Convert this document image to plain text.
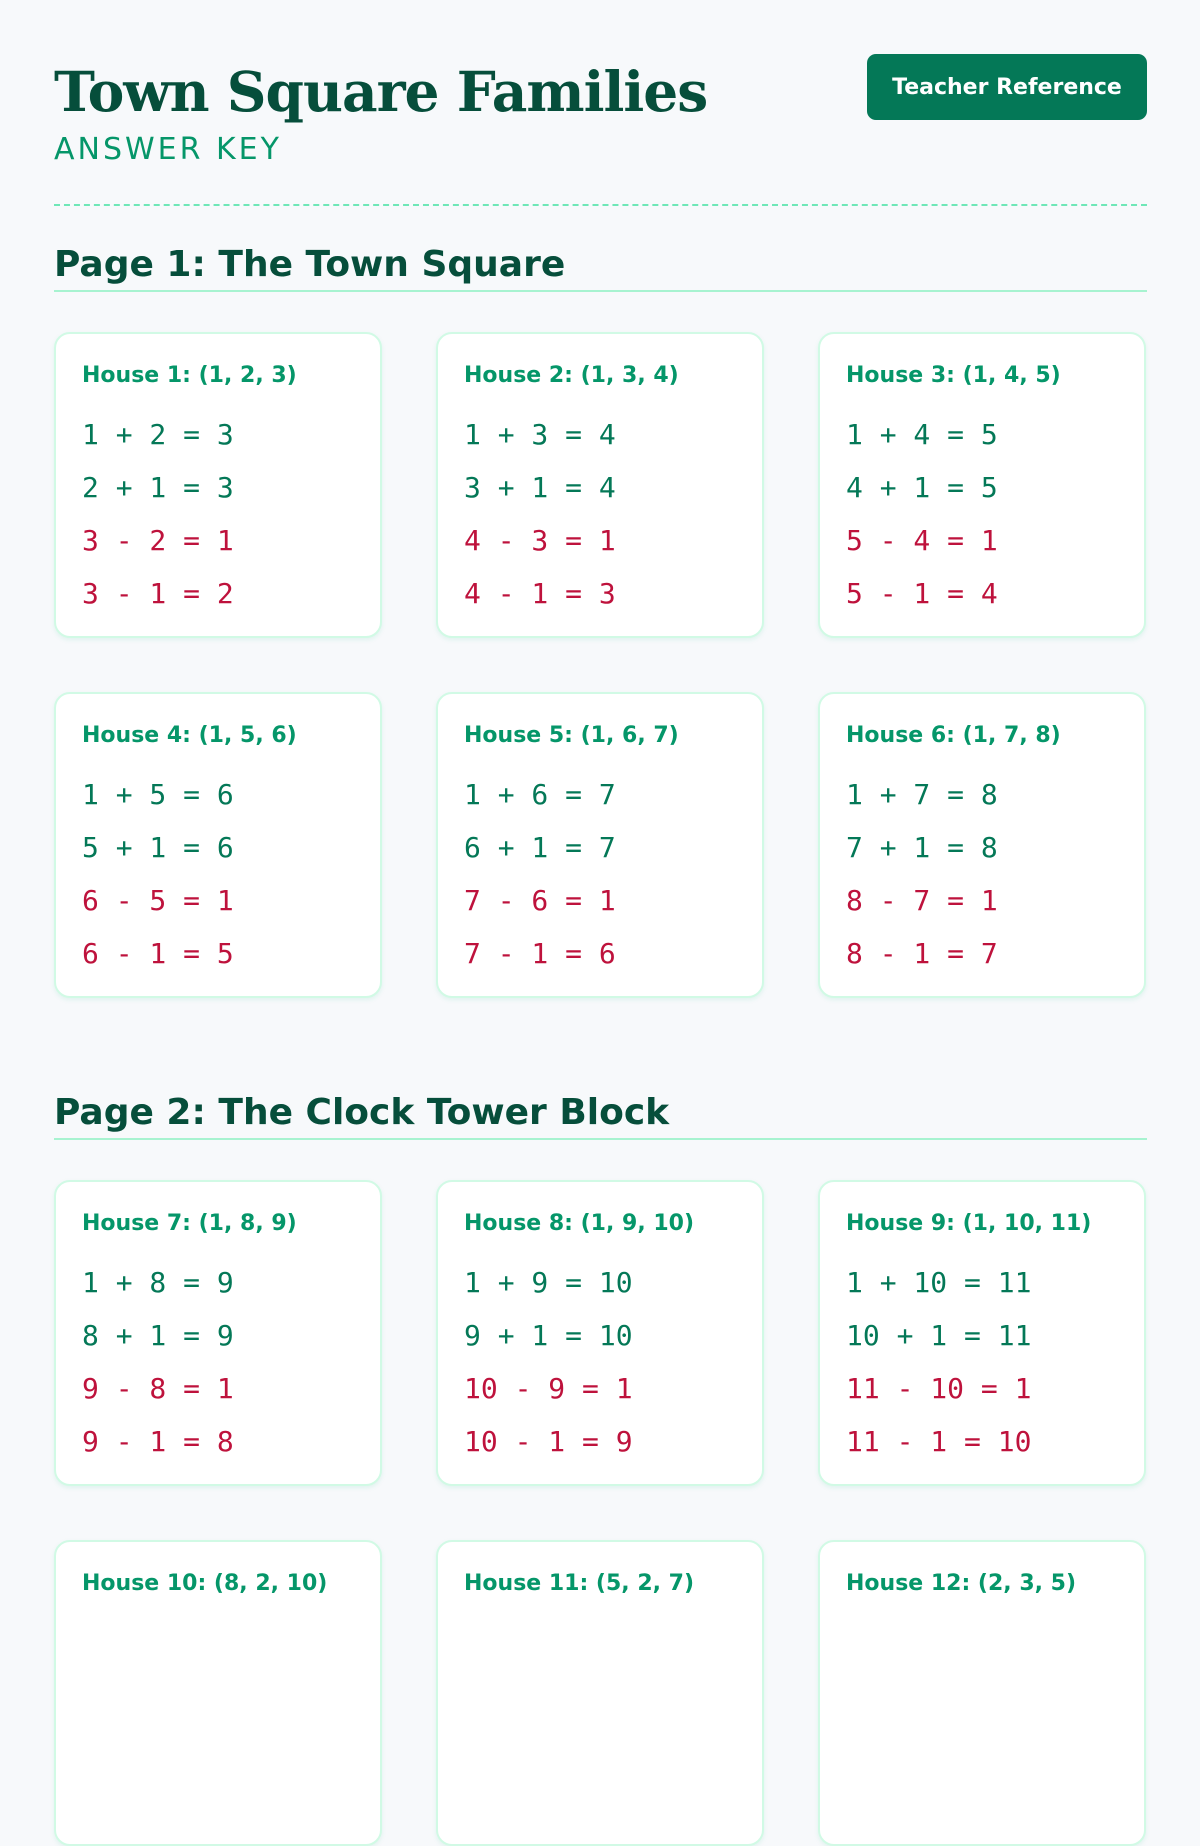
Town Square Families
ANSWER KEY
Teacher Reference
Page 1: The Town Square
House 1: (1, 2, 3)
1 + 2 = 3
2 + 1 = 3
3 - 2 = 1
3 - 1 = 2
House 2: (1, 3, 4)
1 + 3 = 4
3 + 1 = 4
4 - 3 = 1
4 - 1 = 3
House 3: (1, 4, 5)
1 + 4 = 5
4 + 1 = 5
5 - 4 = 1
5 - 1 = 4
House 4: (1, 5, 6)
1 + 5 = 6
5 + 1 = 6
6 - 5 = 1
6 - 1 = 5
House 5: (1, 6, 7)
1 + 6 = 7
6 + 1 = 7
7 - 6 = 1
7 - 1 = 6
House 6: (1, 7, 8)
1 + 7 = 8
7 + 1 = 8
8 - 7 = 1
8 - 1 = 7
Page 2: The Clock Tower Block
House 7: (1, 8, 9)
1 + 8 = 9
8 + 1 = 9
9 - 8 = 1
9 - 1 = 8
House 8: (1, 9, 10)
1 + 9 = 10
9 + 1 = 10
10 - 9 = 1
10 - 1 = 9
House 9: (1, 10, 11)
1 + 10 = 11
10 + 1 = 11
11 - 10 = 1
11 - 1 = 10
House 10: (8, 2, 10)	House 11: (5, 2, 7)	House 12: (2, 3, 5)
